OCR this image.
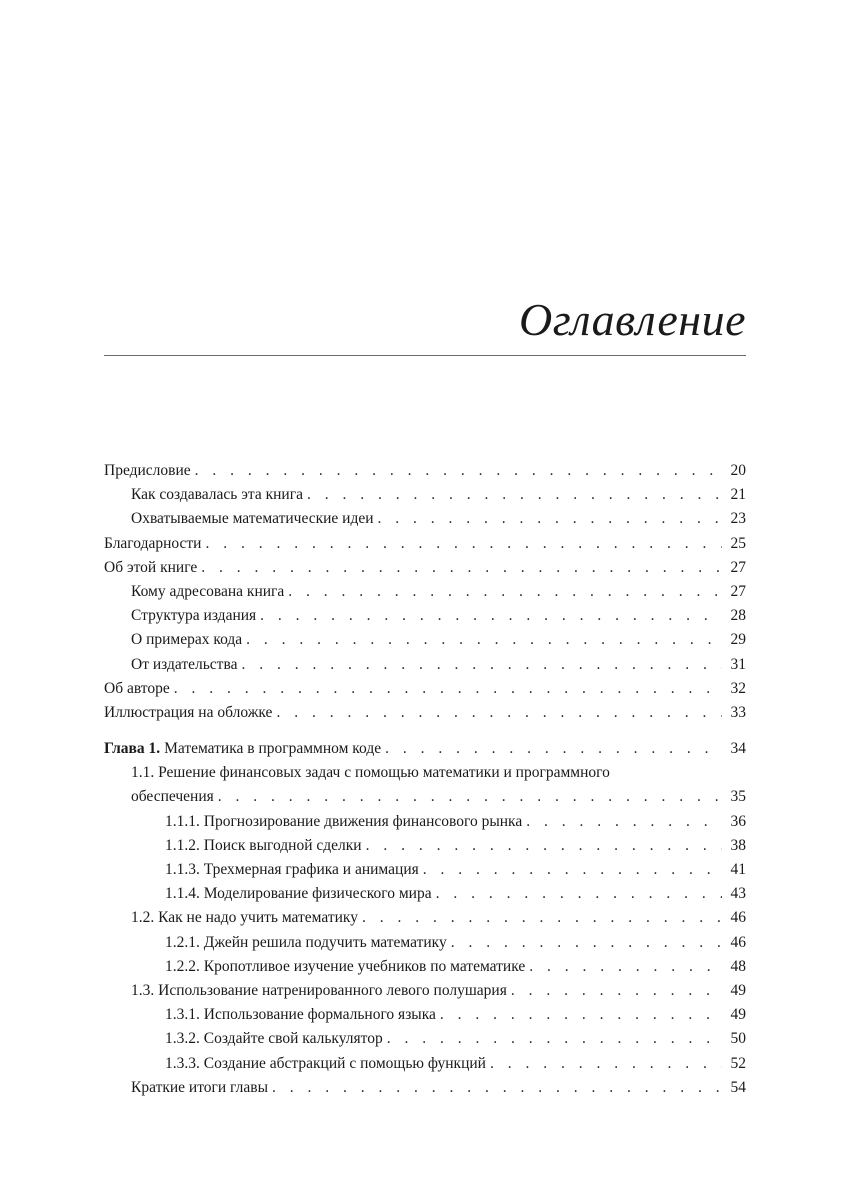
Оглавление
Предисловие . . .	20
Как создавалась эта книга . . .	21
Охватываемые математические идеи . . .	23
Благодарности . . .	25
Об этой книге . . .	27
Кому адресована книга . . .	27
Структура издания . . .	28
О примерах кода . . .	29
От издательства . . .	31
Об авторе . . .	32
Иллюстрация на обложке . . .	33
Глава 1. Математика в программном коде . . .	34
1.1. Решение финансовых задач с помощью математики и программного
обеспечения . . .	35
1.1.1. Прогнозирование движения финансового рынка . . .	36
1.1.2. Поиск выгодной сделки . . .	38
1.1.3. Трехмерная графика и анимация . . .	41
1.1.4. Моделирование физического мира . . .	43
1.2. Как не надо учить математику . . .	46
1.2.1. Джейн решила подучить математику . . .	46
1.2.2. Кропотливое изучение учебников по математике . . .	48
1.3. Использование натренированного левого полушария . . .	49
1.3.1. Использование формального языка . . .	49
1.3.2. Создайте свой калькулятор . . .	50
1.3.3. Создание абстракций с помощью функций . . .	52
Краткие итоги главы . . .	54
